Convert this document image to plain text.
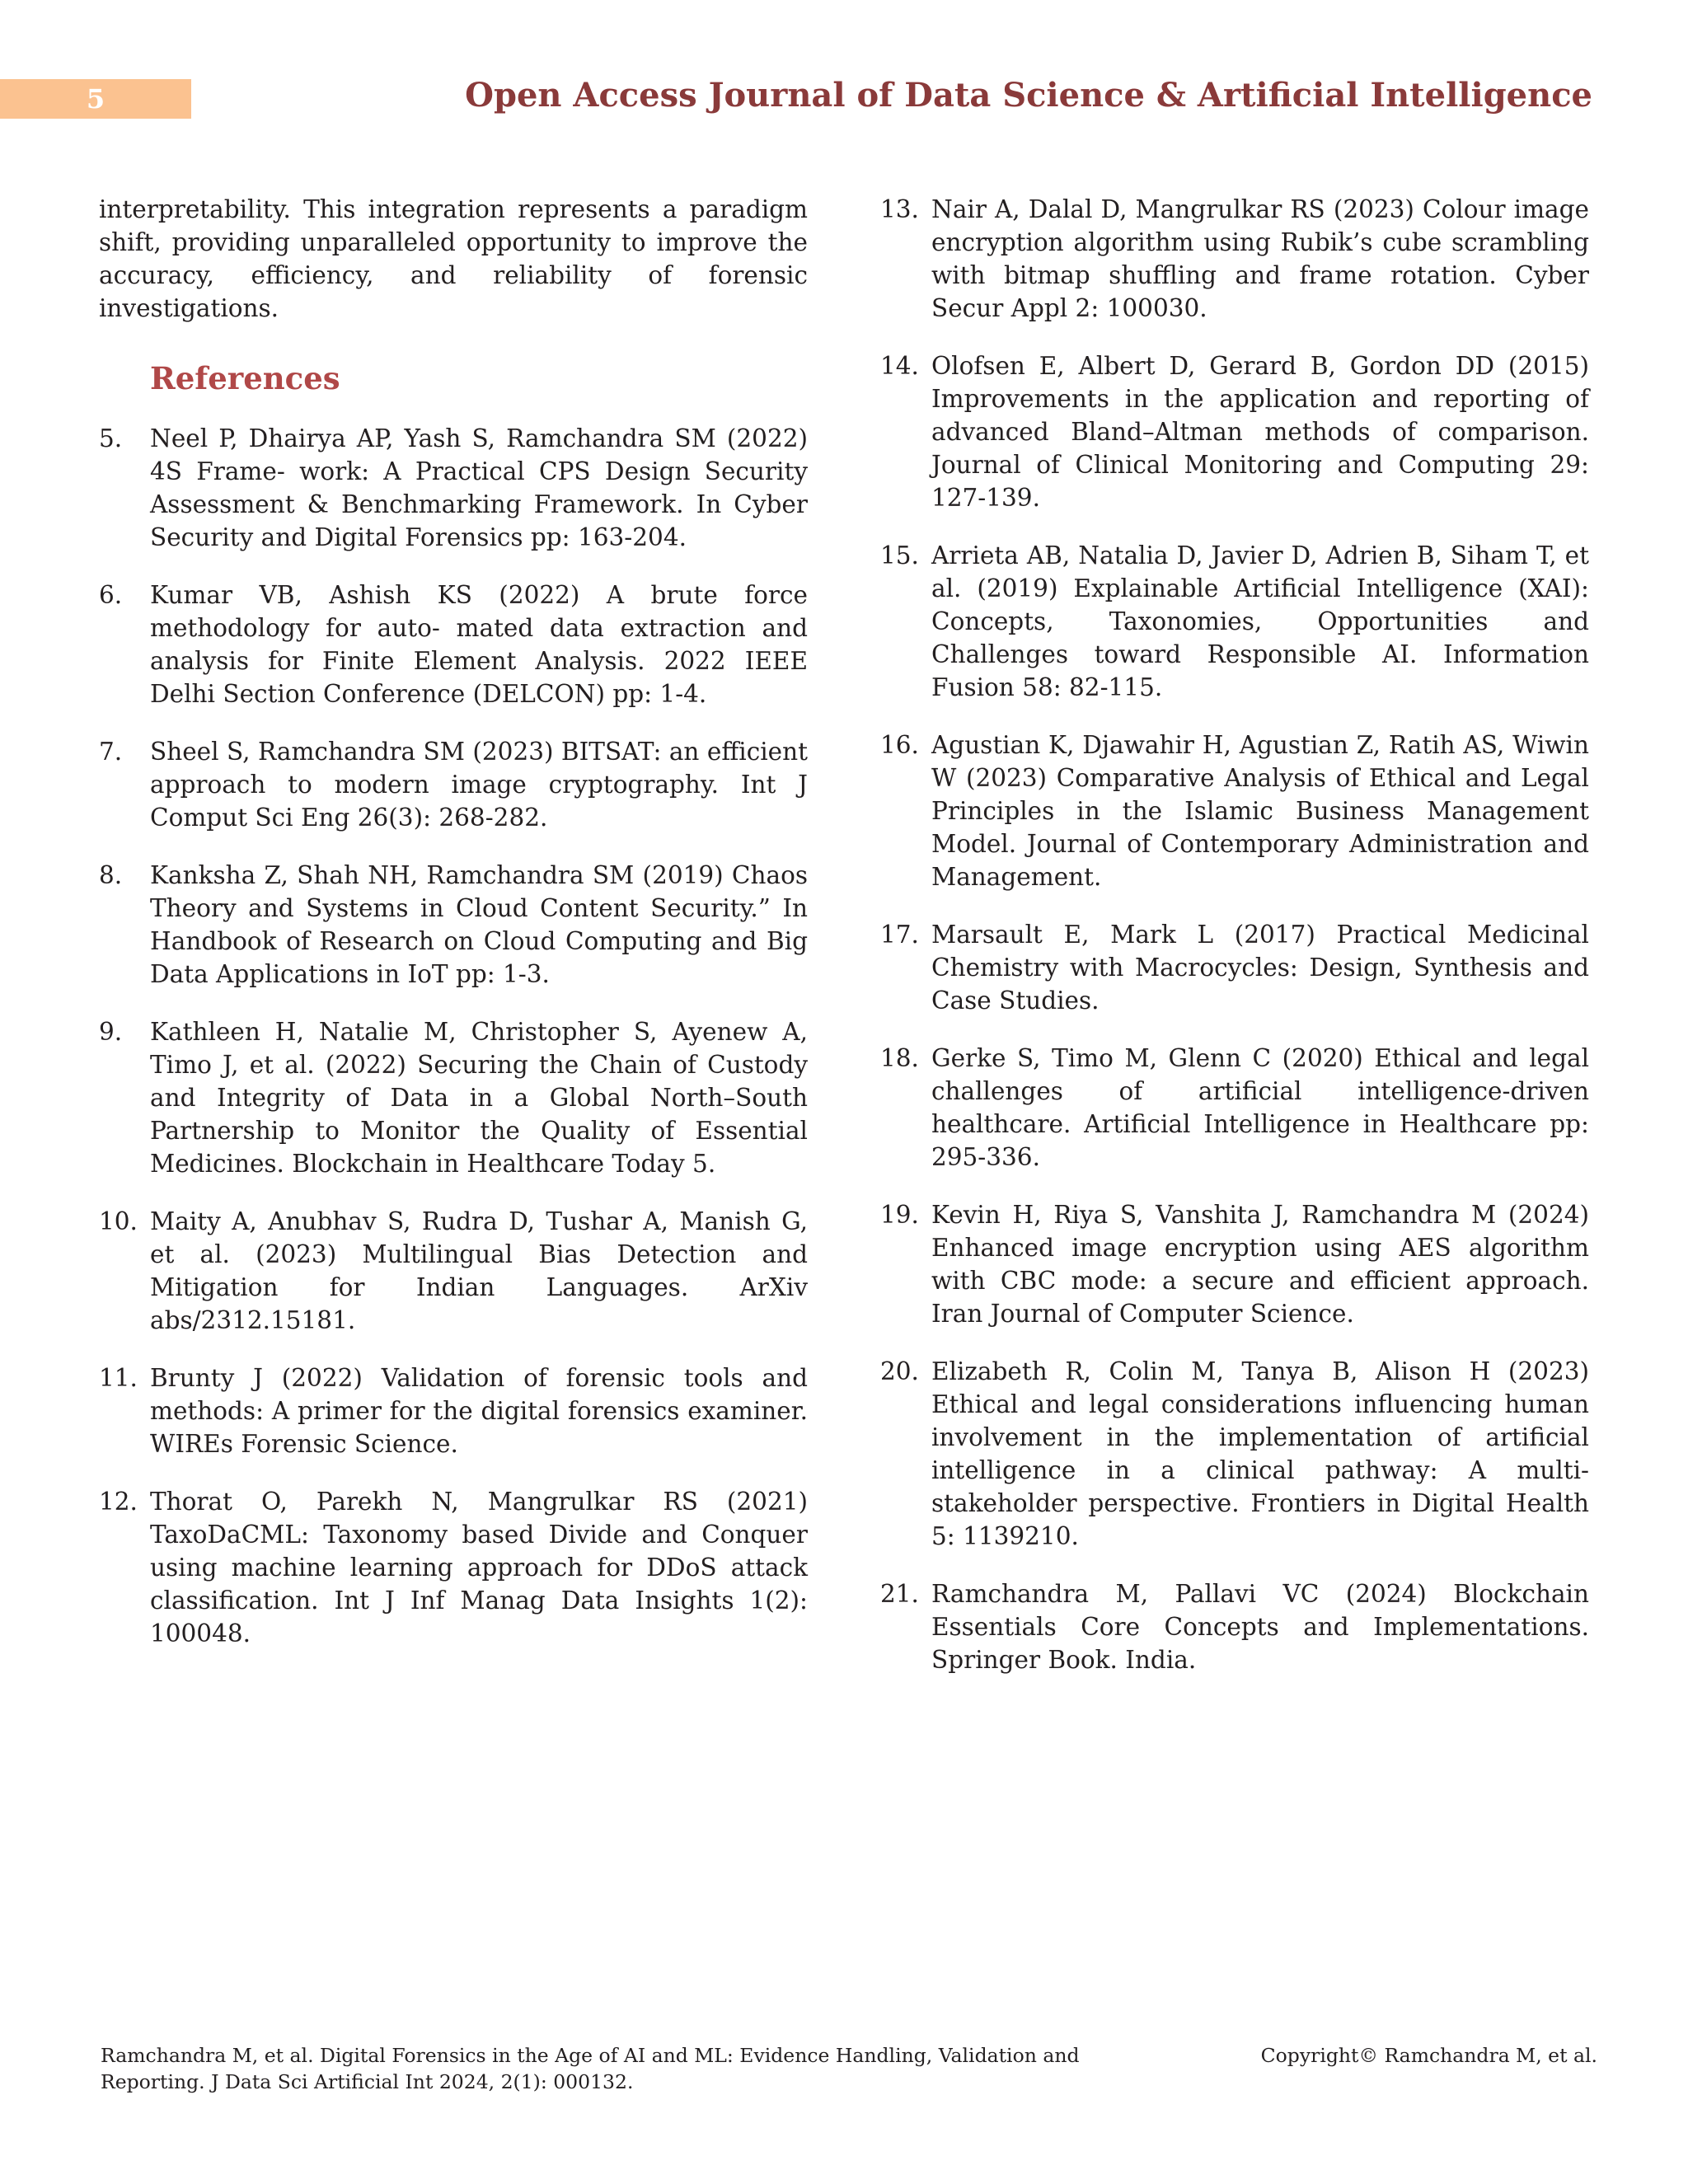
5	Open Access Journal of Data Science & Artificial Intelligence

interpretability. This integration represents a paradigm shift, providing unparalleled opportunity to improve the accuracy, efficiency, and reliability of forensic investigations.

References
5.	Neel P, Dhairya AP, Yash S, Ramchandra SM (2022) 4S Frame- work: A Practical CPS Design Security Assessment & Benchmarking Framework. In Cyber Security and Digital Forensics pp: 163-204.
6.	Kumar VB, Ashish KS (2022) A brute force methodology for auto- mated data extraction and analysis for Finite Element Analysis. 2022 IEEE Delhi Section Conference (DELCON) pp: 1-4.
7.	Sheel S, Ramchandra SM (2023) BITSAT: an efficient approach to modern image cryptography. Int J Comput Sci Eng 26(3): 268-282.
8.	Kanksha Z, Shah NH, Ramchandra SM (2019) Chaos Theory and Systems in Cloud Content Security.” In Handbook of Research on Cloud Computing and Big Data Applications in IoT pp: 1-3.
9.	Kathleen H, Natalie M, Christopher S, Ayenew A, Timo J, et al. (2022) Securing the Chain of Custody and Integrity of Data in a Global North–South Partnership to Monitor the Quality of Essential Medicines. Blockchain in Healthcare Today 5.
10. Maity A, Anubhav S, Rudra D, Tushar A, Manish G, et al. (2023) Multilingual Bias Detection and Mitigation for Indian Languages. ArXiv abs/2312.15181.
11. Brunty J (2022) Validation of forensic tools and methods: A primer for the digital forensics examiner. WIREs Forensic Science.
12. Thorat O, Parekh N, Mangrulkar RS (2021) TaxoDaCML: Taxonomy based Divide and Conquer using machine learning approach for DDoS attack classification. Int J Inf Manag Data Insights 1(2): 100048.
13. Nair A, Dalal D, Mangrulkar RS (2023) Colour image encryption algorithm using Rubik’s cube scrambling with bitmap shuffling and frame rotation. Cyber Secur Appl 2: 100030.
14. Olofsen E, Albert D, Gerard B, Gordon DD (2015) Improvements in the application and reporting of advanced Bland–Altman methods of comparison. Journal of Clinical Monitoring and Computing 29: 127-139.
15. Arrieta AB, Natalia D, Javier D, Adrien B, Siham T, et al. (2019) Explainable Artificial Intelligence (XAI): Concepts, Taxonomies, Opportunities and Challenges toward Responsible AI. Information Fusion 58: 82-115.
16. Agustian K, Djawahir H, Agustian Z, Ratih AS, Wiwin W (2023) Comparative Analysis of Ethical and Legal Principles in the Islamic Business Management Model. Journal of Contemporary Administration and Management.
17. Marsault E, Mark L (2017) Practical Medicinal Chemistry with Macrocycles: Design, Synthesis and Case Studies.
18. Gerke S, Timo M, Glenn C (2020) Ethical and legal challenges of artificial intelligence-driven healthcare. Artificial Intelligence in Healthcare pp: 295-336.
19. Kevin H, Riya S, Vanshita J, Ramchandra M (2024) Enhanced image encryption using AES algorithm with CBC mode: a secure and efficient approach. Iran Journal of Computer Science.
20. Elizabeth R, Colin M, Tanya B, Alison H (2023) Ethical and legal considerations influencing human involvement in the implementation of artificial intelligence in a clinical pathway: A multi-stakeholder perspective. Frontiers in Digital Health 5: 1139210.
21. Ramchandra M, Pallavi VC (2024) Blockchain Essentials Core Concepts and Implementations. Springer Book. India.
Ramchandra M, et al. Digital Forensics in the Age of AI and ML: Evidence Handling, Validation and Reporting. J Data Sci Artificial Int 2024, 2(1): 000132.
Copyright© Ramchandra M, et al.
